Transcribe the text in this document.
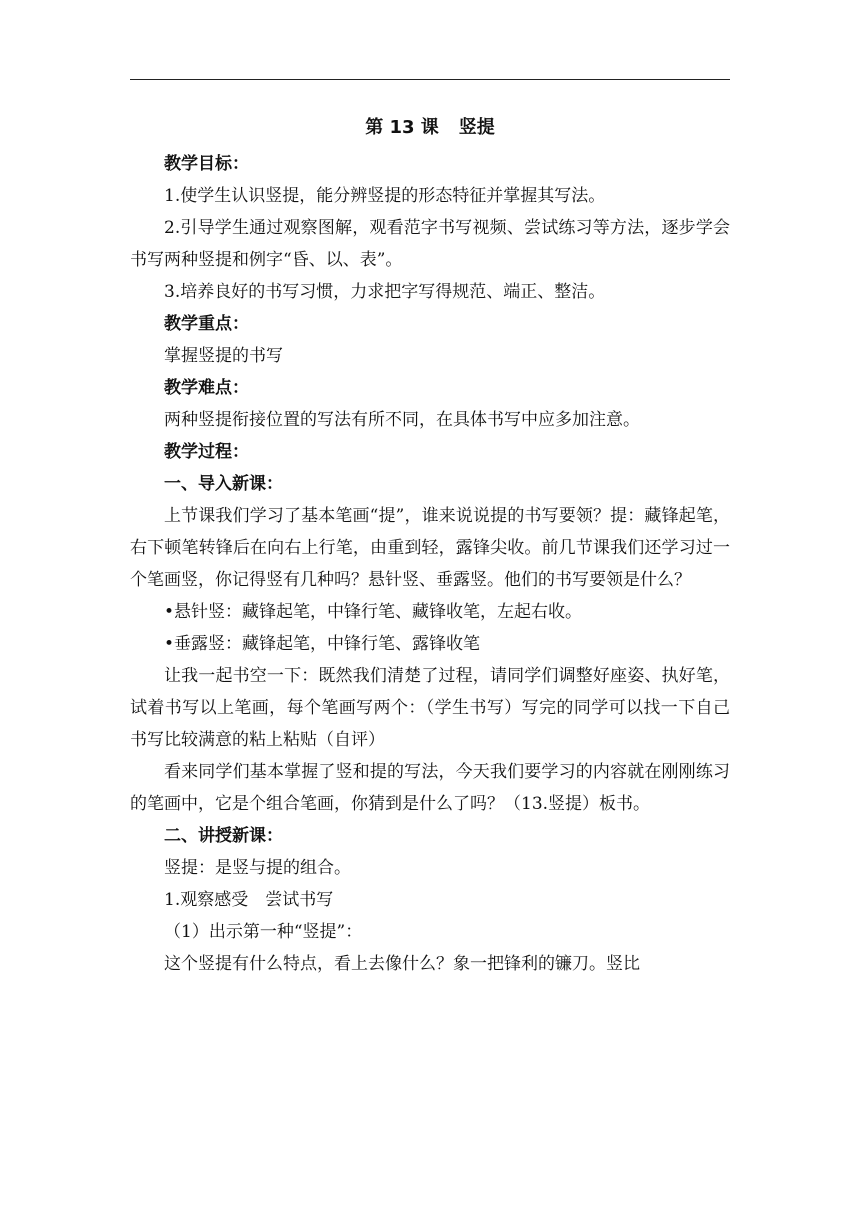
第 13 课 竖提

教学目标：

1.使学生认识竖提，能分辨竖提的形态特征并掌握其写法。

2.引导学生通过观察图解，观看范字书写视频、尝试练习等方法，逐步学会书写两种竖提和例字“昏、以、表”。

3.培养良好的书写习惯，力求把字写得规范、端正、整洁。

教学重点：

掌握竖提的书写

教学难点：

两种竖提衔接位置的写法有所不同，在具体书写中应多加注意。

教学过程：

一、导入新课：

上节课我们学习了基本笔画“提”，谁来说说提的书写要领？提：藏锋起笔，右下顿笔转锋后在向右上行笔，由重到轻，露锋尖收。前几节课我们还学习过一个笔画竖，你记得竖有几种吗？悬针竖、垂露竖。他们的书写要领是什么？

•悬针竖：藏锋起笔，中锋行笔、藏锋收笔，左起右收。

•垂露竖：藏锋起笔，中锋行笔、露锋收笔

让我一起书空一下：既然我们清楚了过程，请同学们调整好座姿、执好笔，试着书写以上笔画，每个笔画写两个：（学生书写）写完的同学可以找一下自己书写比较满意的粘上粘贴（自评）

看来同学们基本掌握了竖和提的写法，今天我们要学习的内容就在刚刚练习的笔画中，它是个组合笔画，你猜到是什么了吗？（13.竖提）板书。

二、讲授新课：

竖提：是竖与提的组合。

1.观察感受　尝试书写

（1）出示第一种“竖提”：

这个竖提有什么特点，看上去像什么？象一把锋利的镰刀。竖比
